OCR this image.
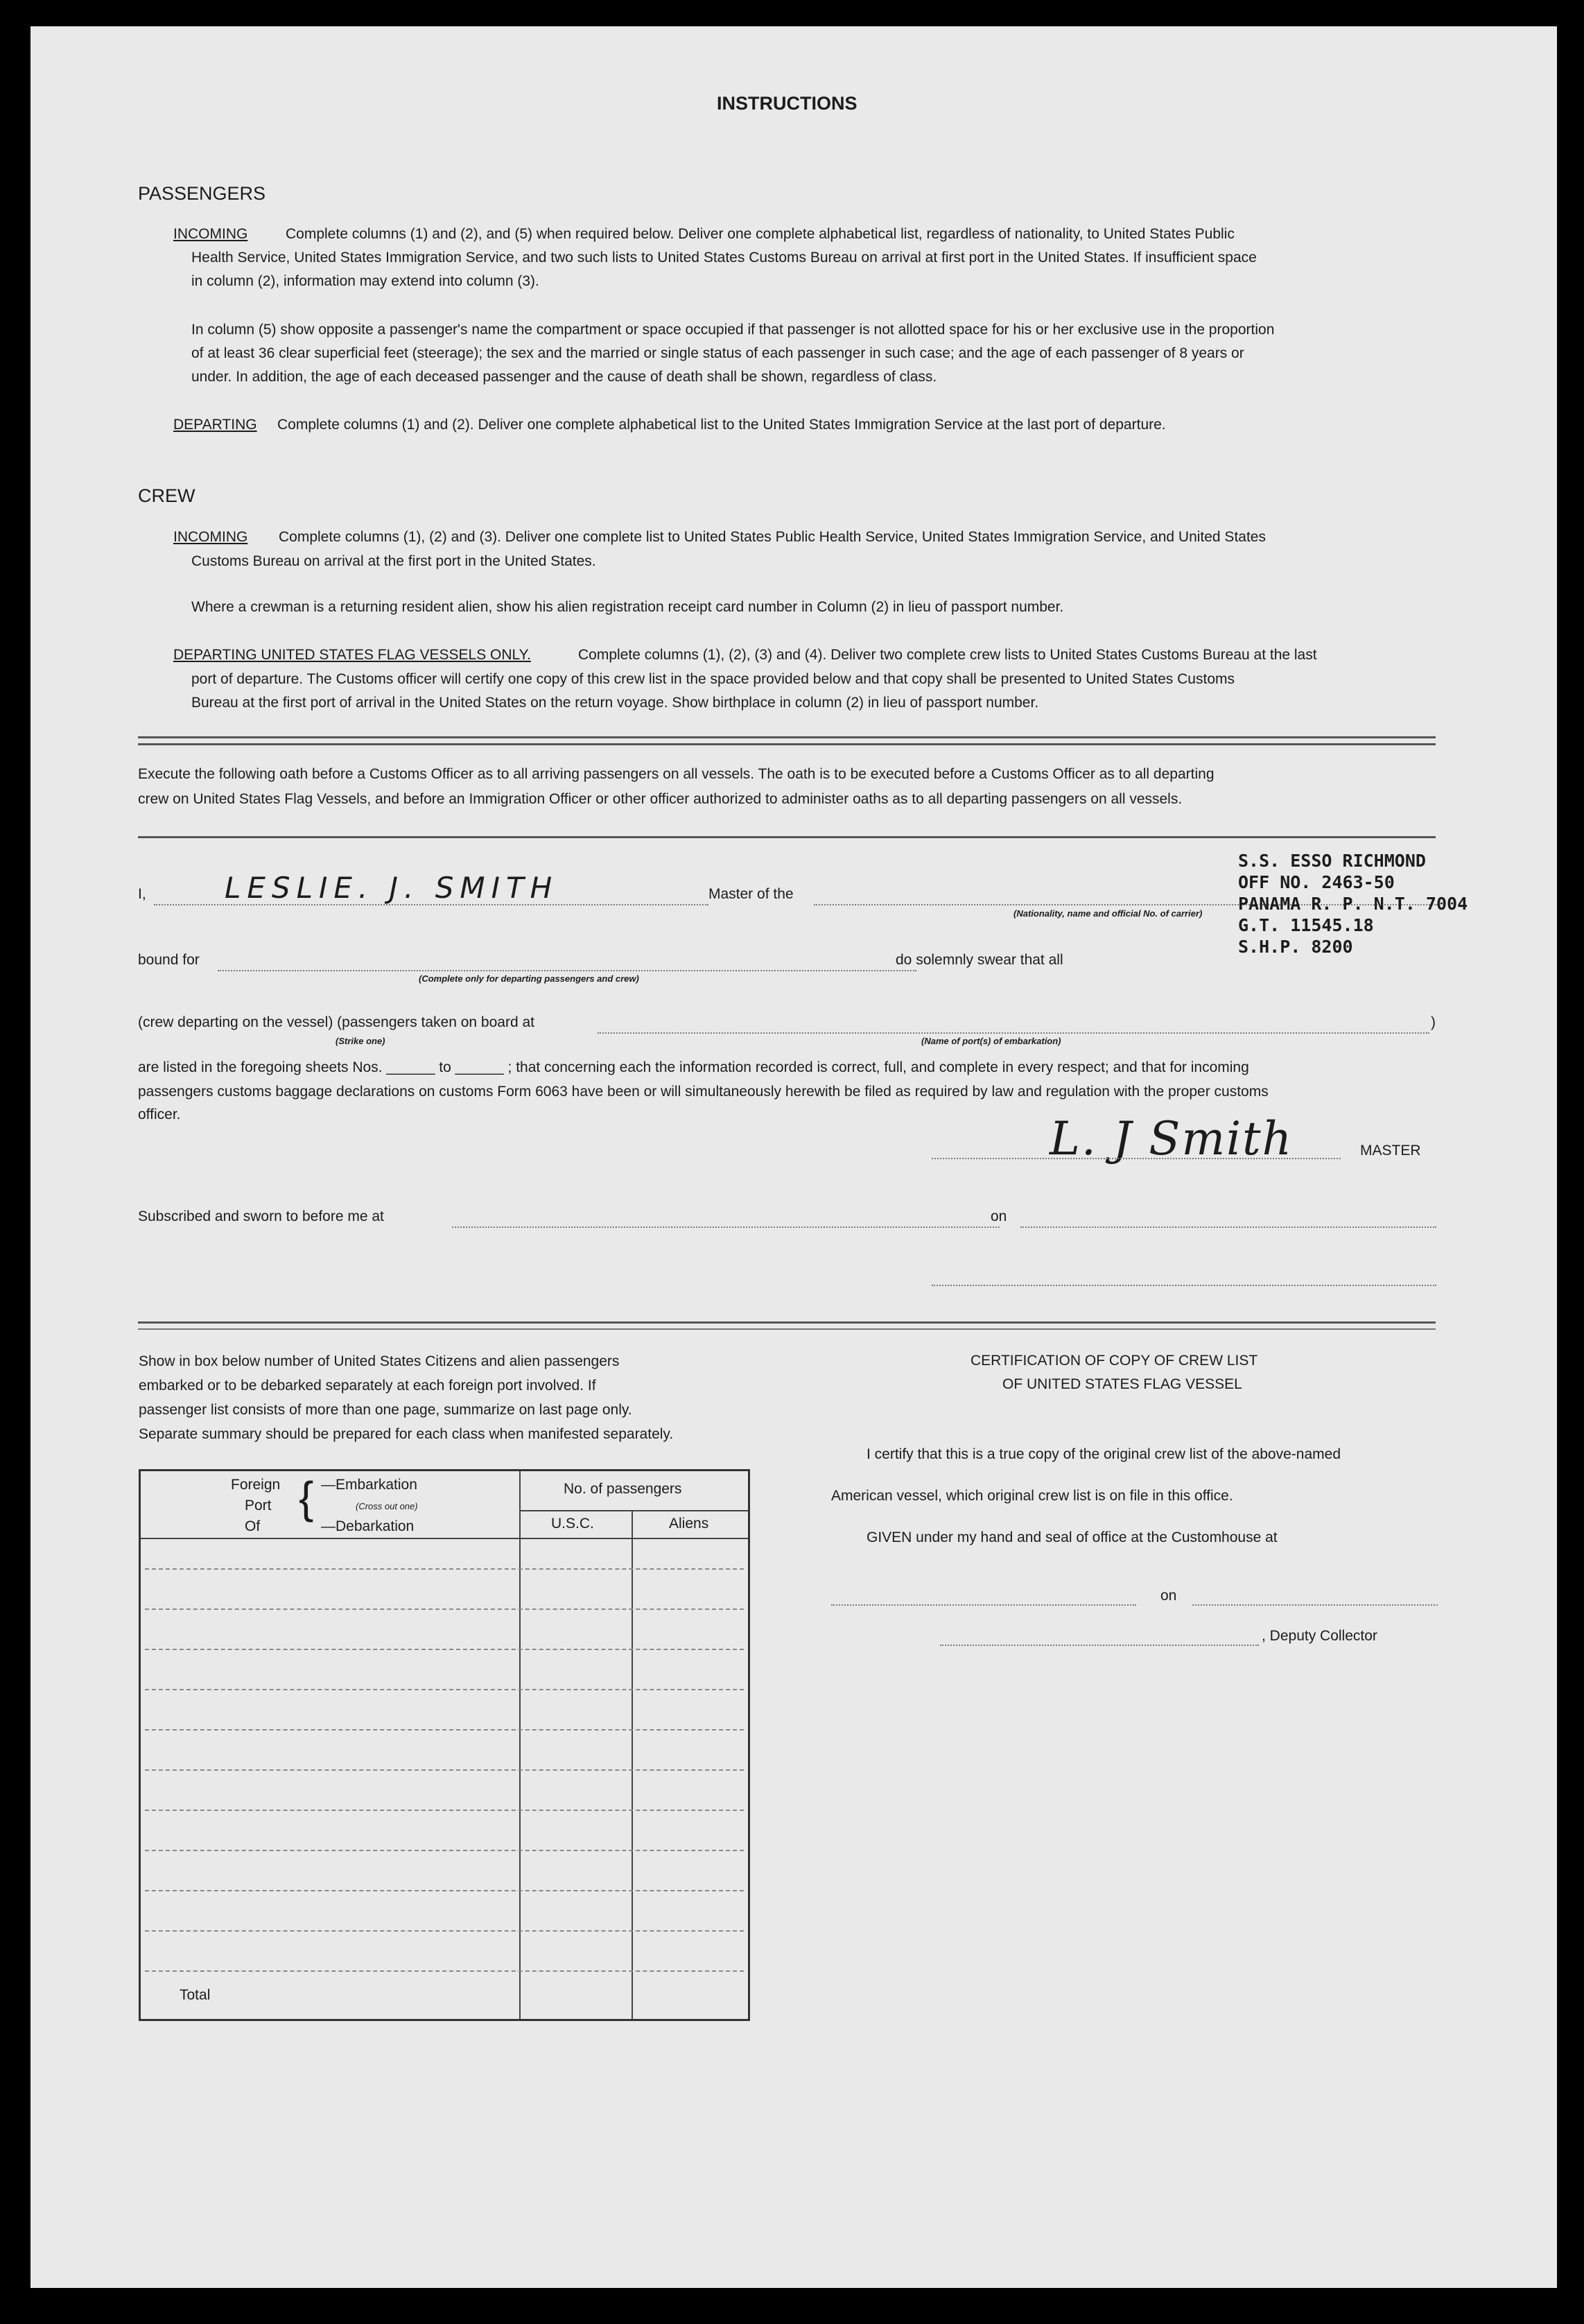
INSTRUCTIONS
PASSENGERS
INCOMING	Complete columns (1) and (2), and (5) when required below. Deliver one complete alphabetical list, regardless of nationality, to United States Public
Health Service, United States Immigration Service, and two such lists to United States Customs Bureau on arrival at first port in the United States. If insufficient space
in column (2), information may extend into column (3).
In column (5) show opposite a passenger's name the compartment or space occupied if that passenger is not allotted space for his or her exclusive use in the proportion
of at least 36 clear superficial feet (steerage); the sex and the married or single status of each passenger in such case; and the age of each passenger of 8 years or
under. In addition, the age of each deceased passenger and the cause of death shall be shown, regardless of class.
DEPARTING Complete columns (1) and (2). Deliver one complete alphabetical list to the United States Immigration Service at the last port of departure.
CREW
INCOMING Complete columns (1), (2) and (3). Deliver one complete list to United States Public Health Service, United States Immigration Service, and United States
Customs Bureau on arrival at the first port in the United States.
Where a crewman is a returning resident alien, show his alien registration receipt card number in Column (2) in lieu of passport number.
DEPARTING UNITED STATES FLAG VESSELS ONLY.	Complete columns (1), (2), (3) and (4). Deliver two complete crew lists to United States Customs Bureau at the last
port of departure. The Customs officer will certify one copy of this crew list in the space provided below and that copy shall be presented to United States Customs
Bureau at the first port of arrival in the United States on the return voyage. Show birthplace in column (2) in lieu of passport number.
Execute the following oath before a Customs Officer as to all arriving passengers on all vessels. The oath is to be executed before a Customs Officer as to all departing
crew on United States Flag Vessels, and before an Immigration Officer or other officer authorized to administer oaths as to all departing passengers on all vessels.
I,	LESLIE. J. SMITH	Master of the
(Nationality, name and official No. of carrier)
S.S. ESSO RICHMOND
OFF NO. 2463-50
PANAMA R. P. N.T. 7004
G.T. 11545.18
S.H.P. 8200
bound for
(Complete only for departing passengers and crew)
do solemnly swear that all
(crew departing on the vessel) (passengers taken on board at	)
(Strike one)	(Name of port(s) of embarkation)
are listed in the foregoing sheets Nos. ______ to ______ ; that concerning each the information recorded is correct, full, and complete in every respect; and that for incoming
passengers customs baggage declarations on customs Form 6063 have been or will simultaneously herewith be filed as required by law and regulation with the proper customs
officer.	L. J Smith	MASTER
Subscribed and sworn to before me at	on
Show in box below number of United States Citizens and alien passengers
embarked or to be debarked separately at each foreign port involved. If
passenger list consists of more than one page, summarize on last page only.
Separate summary should be prepared for each class when manifested separately.
Foreign
Port
Of
{ —Embarkation
(Cross out one)
—Debarkation
No. of passengers
U.S.C.	Aliens
Total
CERTIFICATION OF COPY OF CREW LIST
OF UNITED STATES FLAG VESSEL
I certify that this is a true copy of the original crew list of the above-named
American vessel, which original crew list is on file in this office.
GIVEN under my hand and seal of office at the Customhouse at
on
, Deputy Collector
